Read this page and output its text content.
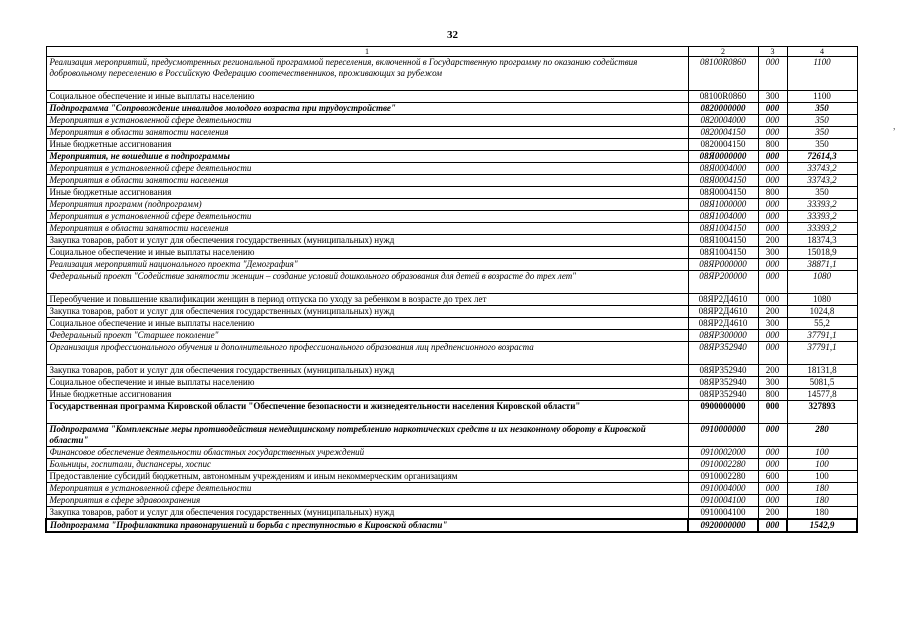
32
,
1	2	3	4
Реализация мероприятий, предусмотренных региональной программой переселения, включенной в Государственную программу по оказанию содействия добровольному переселению в Российскую Федерацию соотечественников, проживающих за рубежом	08100R0860	000	1100
Социальное обеспечение и иные выплаты населению	08100R0860	300	1100
Подпрограмма "Сопровождение инвалидов молодого возраста при трудоустройстве"	0820000000	000	350
Мероприятия в установленной сфере деятельности	0820004000	000	350
Мероприятия в области занятости населения	0820004150	000	350
Иные бюджетные ассигнования	0820004150	800	350
Мероприятия, не вошедшие в подпрограммы	08Я0000000	000	72614,3
Мероприятия в установленной сфере деятельности	08Я0004000	000	33743,2
Мероприятия в области занятости населения	08Я0004150	000	33743,2
Иные бюджетные ассигнования	08Я0004150	800	350
Мероприятия программ (подпрограмм)	08Я1000000	000	33393,2
Мероприятия в установленной сфере деятельности	08Я1004000	000	33393,2
Мероприятия в области занятости населения	08Я1004150	000	33393,2
Закупка товаров, работ и услуг для обеспечения государственных (муниципальных) нужд	08Я1004150	200	18374,3
Социальное обеспечение и иные выплаты населению	08Я1004150	300	15018,9
Реализация мероприятий национального проекта "Демография"	08ЯР000000	000	38871,1
Федеральный проект "Содействие занятости женщин – создание условий дошкольного образования для детей в возрасте до трех лет"	08ЯР200000	000	1080
Переобучение и повышение квалификации женщин в период отпуска по уходу за ребенком в возрасте до трех лет	08ЯР2Д4610	000	1080
Закупка товаров, работ и услуг для обеспечения государственных (муниципальных) нужд	08ЯР2Д4610	200	1024,8
Социальное обеспечение и иные выплаты населению	08ЯР2Д4610	300	55,2
Федеральный проект "Старшее поколение"	08ЯР300000	000	37791,1
Организация профессионального обучения и дополнительного профессионального образования лиц предпенсионного возраста	08ЯР352940	000	37791,1
Закупка товаров, работ и услуг для обеспечения государственных (муниципальных) нужд	08ЯР352940	200	18131,8
Социальное обеспечение и иные выплаты населению	08ЯР352940	300	5081,5
Иные бюджетные ассигнования	08ЯР352940	800	14577,8
Государственная программа Кировской области "Обеспечение безопасности и жизнедеятельности населения Кировской области"	0900000000	000	327893
Подпрограмма "Комплексные меры противодействия немедицинскому потреблению наркотических средств и их незаконному обороту в Кировской области"	0910000000	000	280
Финансовое обеспечение деятельности областных государственных учреждений	0910002000	000	100
Больницы, госпитали, диспансеры, хоспис	0910002280	000	100
Предоставление субсидий бюджетным, автономным учреждениям и иным некоммерческим организациям	0910002280	600	100
Мероприятия в установленной сфере деятельности	0910004000	000	180
Мероприятия в сфере здравоохранения	0910004100	000	180
Закупка товаров, работ и услуг для обеспечения государственных (муниципальных) нужд	0910004100	200	180
Подпрограмма "Профилактика правонарушений и борьба с преступностью в Кировской области"	0920000000	000	1542,9
